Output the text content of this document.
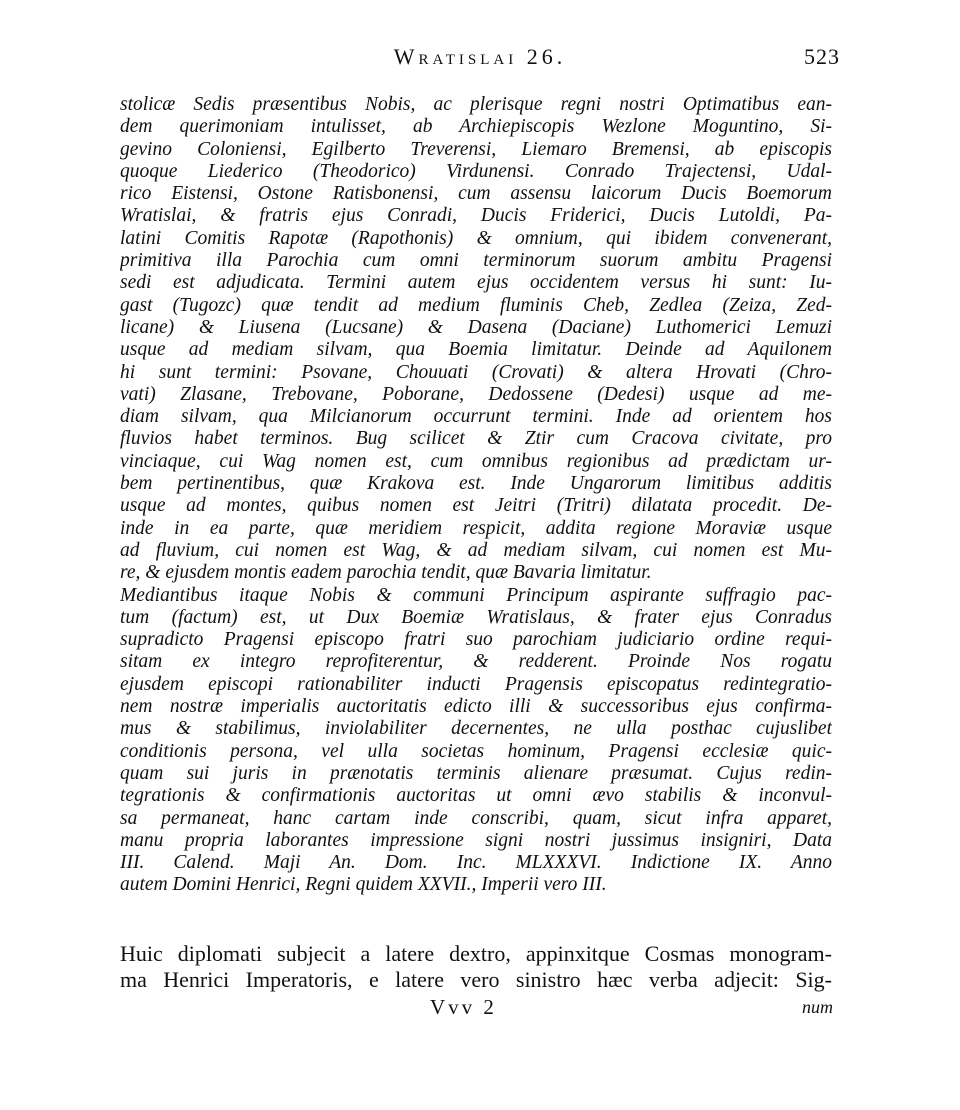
Wratislai 26.	523
stolicæ Sedis præsentibus Nobis, ac plerisque regni nostri Optimatibus ean-
dem querimoniam intulisset, ab Archiepiscopis Wezlone Moguntino, Si-
gevino Coloniensi, Egilberto Treverensi, Liemaro Bremensi, ab episcopis
quoque Liederico (Theodorico) Virdunensi. Conrado Trajectensi, Udal-
rico Eistensi, Ostone Ratisbonensi, cum assensu laicorum Ducis Boemorum
Wratislai, & fratris ejus Conradi, Ducis Friderici, Ducis Lutoldi, Pa-
latini Comitis Rapotæ (Rapothonis) & omnium, qui ibidem convenerant,
primitiva illa Parochia cum omni terminorum suorum ambitu Pragensi
sedi est adjudicata. Termini autem ejus occidentem versus hi sunt: Iu-
gast (Tugozc) quæ tendit ad medium fluminis Cheb, Zedlea (Zeiza, Zed-
licane) & Liusena (Lucsane) & Dasena (Daciane) Luthomerici Lemuzi
usque ad mediam silvam, qua Boemia limitatur. Deinde ad Aquilonem
hi sunt termini: Psovane, Chouuati (Crovati) & altera Hrovati (Chro-
vati) Zlasane, Trebovane, Poborane, Dedossene (Dedesi) usque ad me-
diam silvam, qua Milcianorum occurrunt termini. Inde ad orientem hos
fluvios habet terminos. Bug scilicet & Ztir cum Cracova civitate, pro
vinciaque, cui Wag nomen est, cum omnibus regionibus ad prædictam ur-
bem pertinentibus, quæ Krakova est. Inde Ungarorum limitibus additis
usque ad montes, quibus nomen est Jeitri (Tritri) dilatata procedit. De-
inde in ea parte, quæ meridiem respicit, addita regione Moraviæ usque
ad fluvium, cui nomen est Wag, & ad mediam silvam, cui nomen est Mu-
re, & ejusdem montis eadem parochia tendit, quæ Bavaria limitatur.
Mediantibus itaque Nobis & communi Principum aspirante suffragio pac-
tum (factum) est, ut Dux Boemiæ Wratislaus, & frater ejus Conradus
supradicto Pragensi episcopo fratri suo parochiam judiciario ordine requi-
sitam ex integro reprofiterentur, & redderent. Proinde Nos rogatu
ejusdem episcopi rationabiliter inducti Pragensis episcopatus redintegratio-
nem nostræ imperialis auctoritatis edicto illi & successoribus ejus confirma-
mus & stabilimus, inviolabiliter decernentes, ne ulla posthac cujuslibet
conditionis persona, vel ulla societas hominum, Pragensi ecclesiæ quic-
quam sui juris in prænotatis terminis alienare præsumat. Cujus redin-
tegrationis & confirmationis auctoritas ut omni ævo stabilis & inconvul-
sa permaneat, hanc cartam inde conscribi, quam, sicut infra apparet,
manu propria laborantes impressione signi nostri jussimus insigniri, Data
III. Calend. Maji An. Dom. Inc. MLXXXVI. Indictione IX. Anno
autem Domini Henrici, Regni quidem XXVII., Imperii vero III.
Huic diplomati subjecit a latere dextro, appinxitque Cosmas monogram-
ma Henrici Imperatoris, e latere vero sinistro hæc verba adjecit: Sig-
Vvv 2	num
